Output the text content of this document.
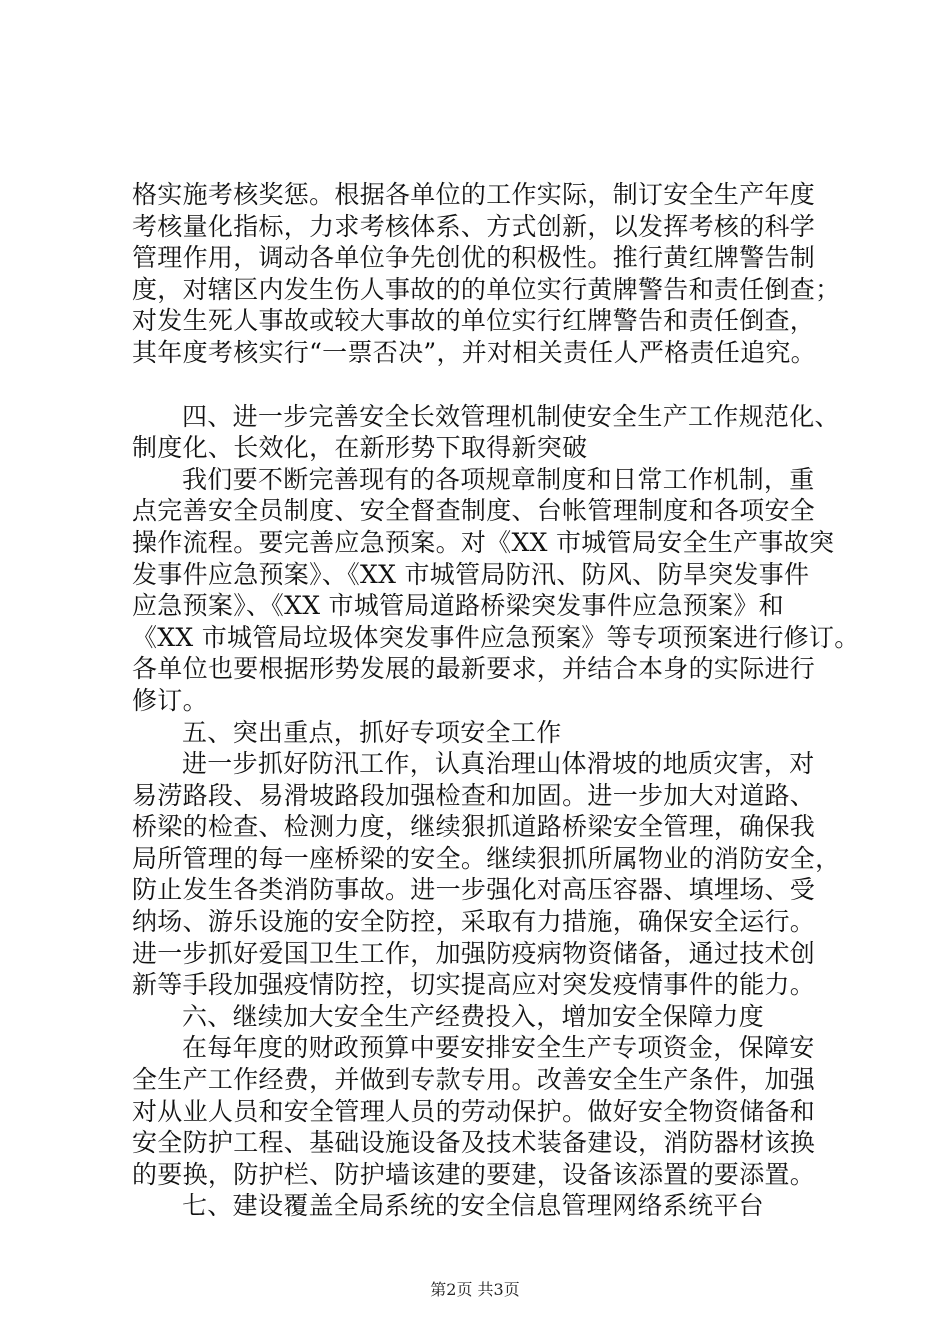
格实施考核奖惩。根据各单位的工作实际，制订安全生产年度
考核量化指标，力求考核体系、方式创新，以发挥考核的科学
管理作用，调动各单位争先创优的积极性。推行黄红牌警告制
度，对辖区内发生伤人事故的的单位实行黄牌警告和责任倒查；
对发生死人事故或较大事故的单位实行红牌警告和责任倒查，
其年度考核实行“一票否决”，并对相关责任人严格责任追究。
四、进一步完善安全长效管理机制使安全生产工作规范化、
制度化、长效化，在新形势下取得新突破
我们要不断完善现有的各项规章制度和日常工作机制，重
点完善安全员制度、安全督查制度、台帐管理制度和各项安全
操作流程。要完善应急预案。对《XX 市城管局安全生产事故突
发事件应急预案》、《XX 市城管局防汛、防风、防旱突发事件
应急预案》、《XX 市城管局道路桥梁突发事件应急预案》和
《XX 市城管局垃圾体突发事件应急预案》等专项预案进行修订。
各单位也要根据形势发展的最新要求，并结合本身的实际进行
修订。
五、突出重点，抓好专项安全工作
进一步抓好防汛工作，认真治理山体滑坡的地质灾害，对
易涝路段、易滑坡路段加强检查和加固。进一步加大对道路、
桥梁的检查、检测力度，继续狠抓道路桥梁安全管理，确保我
局所管理的每一座桥梁的安全。继续狠抓所属物业的消防安全，
防止发生各类消防事故。进一步强化对高压容器、填埋场、受
纳场、游乐设施的安全防控，采取有力措施，确保安全运行。
进一步抓好爱国卫生工作，加强防疫病物资储备，通过技术创
新等手段加强疫情防控，切实提高应对突发疫情事件的能力。
六、继续加大安全生产经费投入，增加安全保障力度
在每年度的财政预算中要安排安全生产专项资金，保障安
全生产工作经费，并做到专款专用。改善安全生产条件，加强
对从业人员和安全管理人员的劳动保护。做好安全物资储备和
安全防护工程、基础设施设备及技术装备建设，消防器材该换
的要换，防护栏、防护墙该建的要建，设备该添置的要添置。
七、建设覆盖全局系统的安全信息管理网络系统平台
第2页 共3页
